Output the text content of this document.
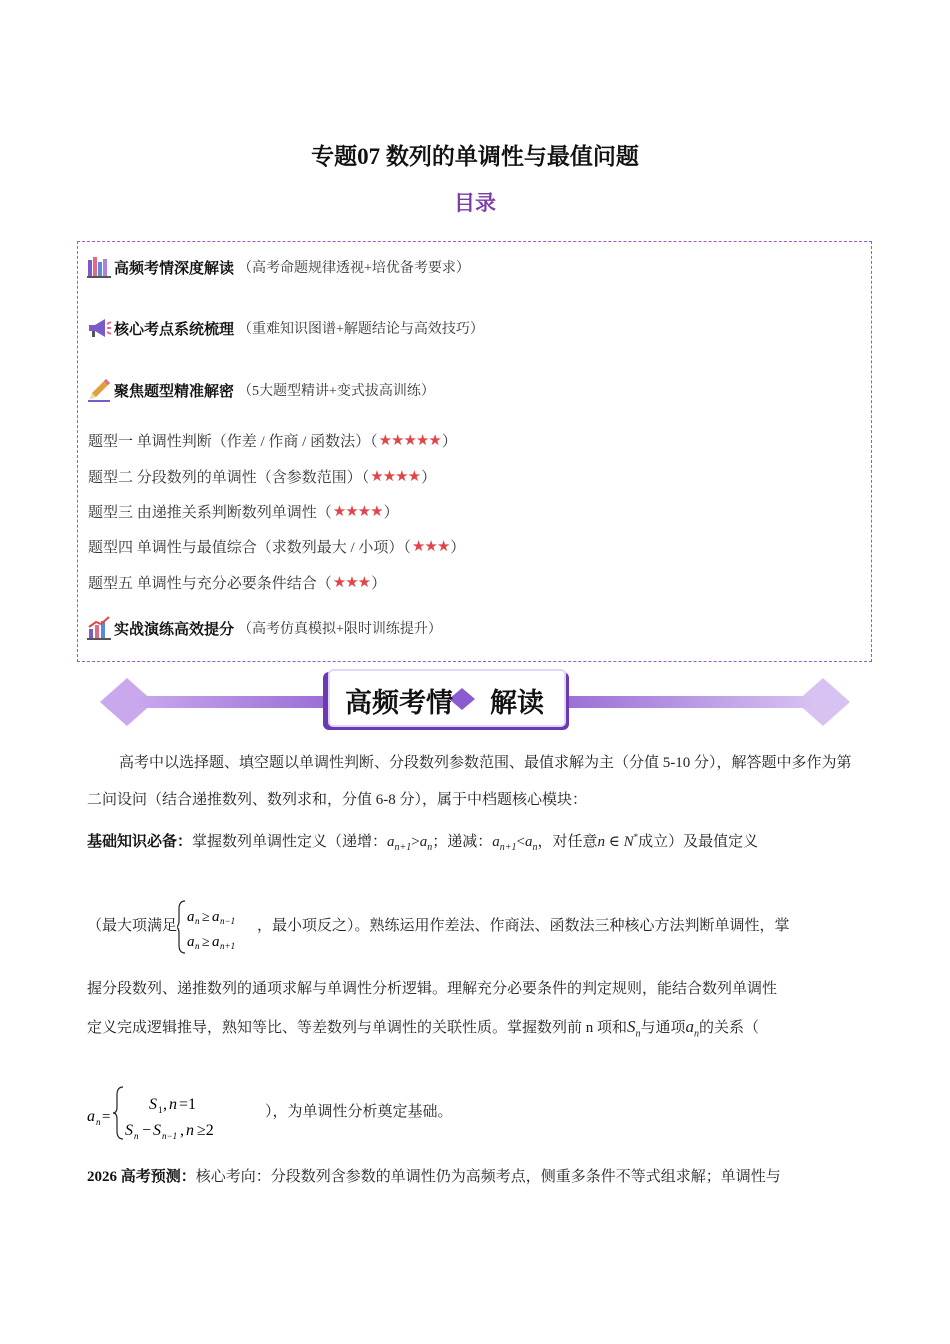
专题07 数列的单调性与最值问题
目录
高频考情深度解读 （高考命题规律透视+培优备考要求）
核心考点系统梳理 （重难知识图谱+解题结论与高效技巧）
聚焦题型精准解密 （5大题型精讲+变式拔高训练）
题型一 单调性判断（作差 / 作商 / 函数法）（ ★★★★★ ）
题型二 分段数列的单调性（含参数范围）（ ★★★★ ）
题型三 由递推关系判断数列单调性（ ★★★★ ）
题型四 单调性与最值综合（求数列最大 / 小项）（ ★★★ ）
题型五 单调性与充分必要条件结合（ ★★★ ）
实战演练高效提分 （高考仿真模拟+限时训练提升）
高频考情 解读
高考中以选择题、填空题以单调性判断、分段数列参数范围、最值求解为主（分值 5-10 分），解答题中多作为第二问设问（结合递推数列、数列求和，分值 6-8 分），属于中档题核心模块：
基础知识必备：掌握数列单调性定义（递增：$a_{n+1}>a_n$；递减：$a_{n+1}<a_n$，对任意n ∈ N*成立）及最值定义
（最大项满足
a n ≥ a n−1
a n ≥ a n+1
，最小项反之）。熟练运用作差法、作商法、函数法三种核心方法判断单调性，掌
握分段数列、递推数列的通项求解与单调性分析逻辑。理解充分必要条件的判定规则，能结合数列单调性
定义完成逻辑推导，熟知等比、等差数列与单调性的关联性质。掌握数列前 n 项和$S_n$与通项$a_n$的关系（
a n =
S 1 , n =1
S n − S n−1 , n ≥2
），为单调性分析奠定基础。
2026 高考预测：核心考向：分段数列含参数的单调性仍为高频考点，侧重多条件不等式组求解；单调性与
